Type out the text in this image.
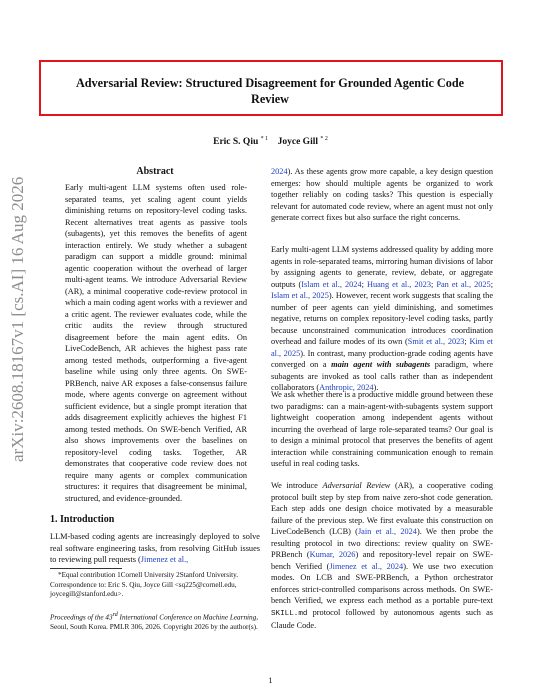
Adversarial Review: Structured Disagreement for Grounded Agentic Code Review
Eric S. Qiu $^{* 1}$ Joyce Gill $^{* 2}$
arXiv:2608.18167v1 [cs.AI] 16 Aug 2026
Abstract

Early multi-agent LLM systems often used role-separated teams, yet scaling agent count yields diminishing returns on repository-level coding tasks. Recent alternatives treat agents as passive tools (subagents), yet this removes the benefits of agent interaction entirely. We study whether a subagent paradigm can support a middle ground: minimal agentic cooperation without the overhead of larger multi-agent teams. We introduce Adversarial Review (AR), a minimal cooperative code-review protocol in which a main coding agent works with a reviewer and a critic agent. The reviewer evaluates code, while the critic audits the review through structured disagreement before the main agent edits. On LiveCodeBench, AR achieves the highest pass rate among tested methods, outperforming a five-agent baseline while using only three agents. On SWE-PRBench, naive AR exposes a false-consensus failure mode, where agents converge on agreement without sufficient evidence, but a single prompt iteration that adds disagreement explicitly achieves the highest F1 among tested methods. On SWE-bench Verified, AR also shows improvements over the baselines on repository-level coding tasks. Together, AR demonstrates that cooperative code review does not require many agents or complex communication structures: it requires that disagreement be minimal, structured, and evidence-grounded.

1. Introduction

LLM-based coding agents are increasingly deployed to solve real software engineering tasks, from resolving GitHub issues to reviewing pull requests (Jimenez et al.,

*Equal contribution 1Cornell University 2Stanford University.
Correspondence to: Eric S. Qiu, Joyce Gill <sq225@cornell.edu, joycegill@stanford.edu>.
Proceedings of the 43rd International Conference on Machine Learning, Seoul, South Korea. PMLR 306, 2026. Copyright 2026 by the author(s).

2024). As these agents grow more capable, a key design question emerges: how should multiple agents be organized to work together reliably on coding tasks? This question is especially relevant for automated code review, where an agent must not only generate correct fixes but also surface the right concerns.

Early multi-agent LLM systems addressed quality by adding more agents in role-separated teams, mirroring human divisions of labor by assigning agents to generate, review, debate, or aggregate outputs (Islam et al., 2024; Huang et al., 2023; Pan et al., 2025; Islam et al., 2025). However, recent work suggests that scaling the number of peer agents can yield diminishing, and sometimes negative, returns on complex repository-level coding tasks, partly because unconstrained communication introduces coordination overhead and failure modes of its own (Smit et al., 2023; Kim et al., 2025). In contrast, many production-grade coding agents have converged on a main agent with subagents paradigm, where subagents are invoked as tool calls rather than as independent collaborators (Anthropic, 2024).

We ask whether there is a productive middle ground between these two paradigms: can a main-agent-with-subagents system support lightweight cooperation among independent agents without incurring the overhead of large role-separated teams? Our goal is to design a minimal protocol that preserves the benefits of agent interaction while constraining communication enough to remain useful in real coding tasks.

We introduce Adversarial Review (AR), a cooperative coding protocol built step by step from naive zero-shot code generation. Each step adds one design choice motivated by a measurable failure of the previous step. We first evaluate this construction on LiveCodeBench (LCB) (Jain et al., 2024). We then probe the resulting protocol in two directions: review quality on SWE-PRBench (Kumar, 2026) and repository-level repair on SWE-bench Verified (Jimenez et al., 2024). We use two execution modes. On LCB and SWE-PRBench, a Python orchestrator enforces strict-controlled comparisons across methods. On SWE-bench Verified, we express each method as a portable pure-text SKILL.md protocol followed by autonomous agents such as Claude Code.

1
